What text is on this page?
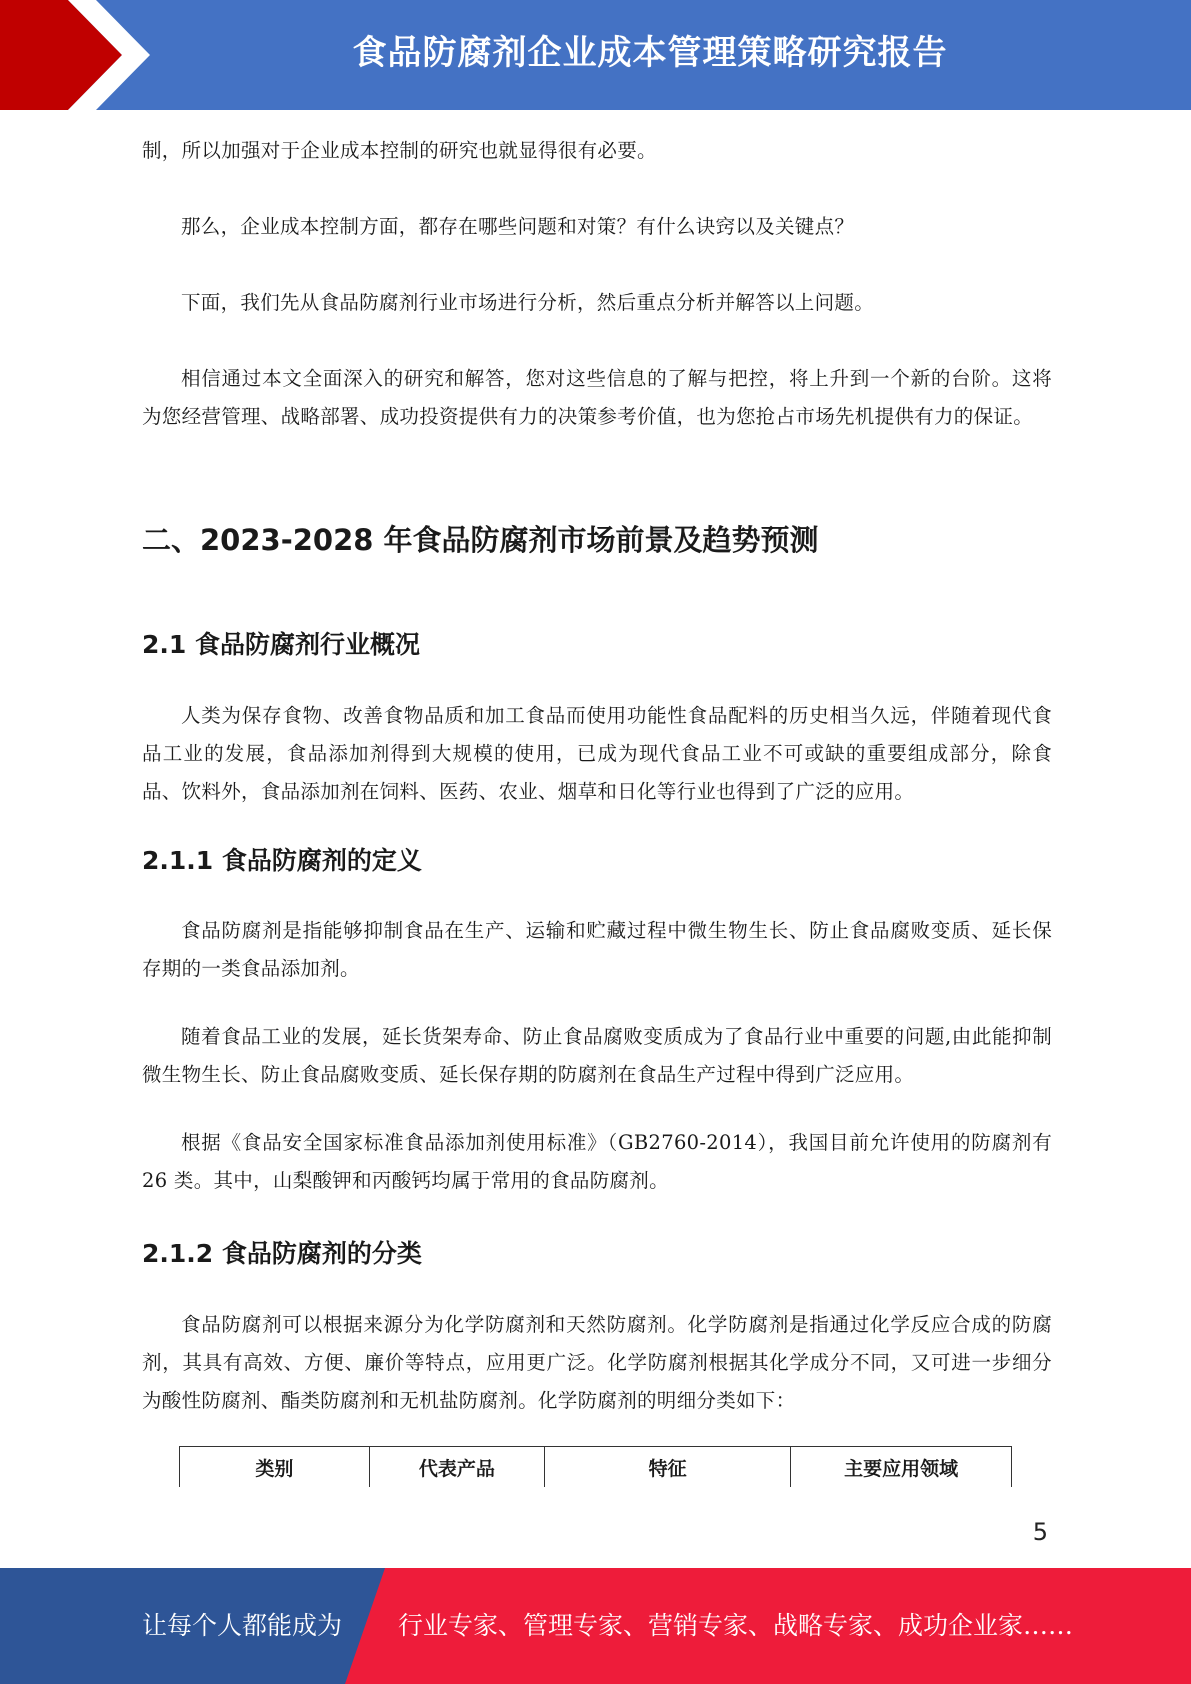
食品防腐剂企业成本管理策略研究报告

制，所以加强对于企业成本控制的研究也就显得很有必要。

那么，企业成本控制方面，都存在哪些问题和对策？有什么诀窍以及关键点？

下面，我们先从食品防腐剂行业市场进行分析，然后重点分析并解答以上问题。

相信通过本文全面深入的研究和解答，您对这些信息的了解与把控，将上升到一个新的台阶。这将为您经营管理、战略部署、成功投资提供有力的决策参考价值，也为您抢占市场先机提供有力的保证。

二、2023-2028 年食品防腐剂市场前景及趋势预测
2.1 食品防腐剂行业概况

人类为保存食物、改善食物品质和加工食品而使用功能性食品配料的历史相当久远，伴随着现代食品工业的发展，食品添加剂得到大规模的使用，已成为现代食品工业不可或缺的重要组成部分，除食品、饮料外，食品添加剂在饲料、医药、农业、烟草和日化等行业也得到了广泛的应用。

2.1.1 食品防腐剂的定义

食品防腐剂是指能够抑制食品在生产、运输和贮藏过程中微生物生长、防止食品腐败变质、延长保存期的一类食品添加剂。

随着食品工业的发展，延长货架寿命、防止食品腐败变质成为了食品行业中重要的问题,由此能抑制微生物生长、防止食品腐败变质、延长保存期的防腐剂在食品生产过程中得到广泛应用。

根据《食品安全国家标准食品添加剂使用标准》（GB2760-2014），我国目前允许使用的防腐剂有 26 类。其中，山梨酸钾和丙酸钙均属于常用的食品防腐剂。

2.1.2 食品防腐剂的分类

食品防腐剂可以根据来源分为化学防腐剂和天然防腐剂。化学防腐剂是指通过化学反应合成的防腐剂，其具有高效、方便、廉价等特点，应用更广泛。化学防腐剂根据其化学成分不同，又可进一步细分为酸性防腐剂、酯类防腐剂和无机盐防腐剂。化学防腐剂的明细分类如下：

类别	代表产品	特征	主要应用领域
5
让每个人都能成为 行业专家、管理专家、营销专家、战略专家、成功企业家……
